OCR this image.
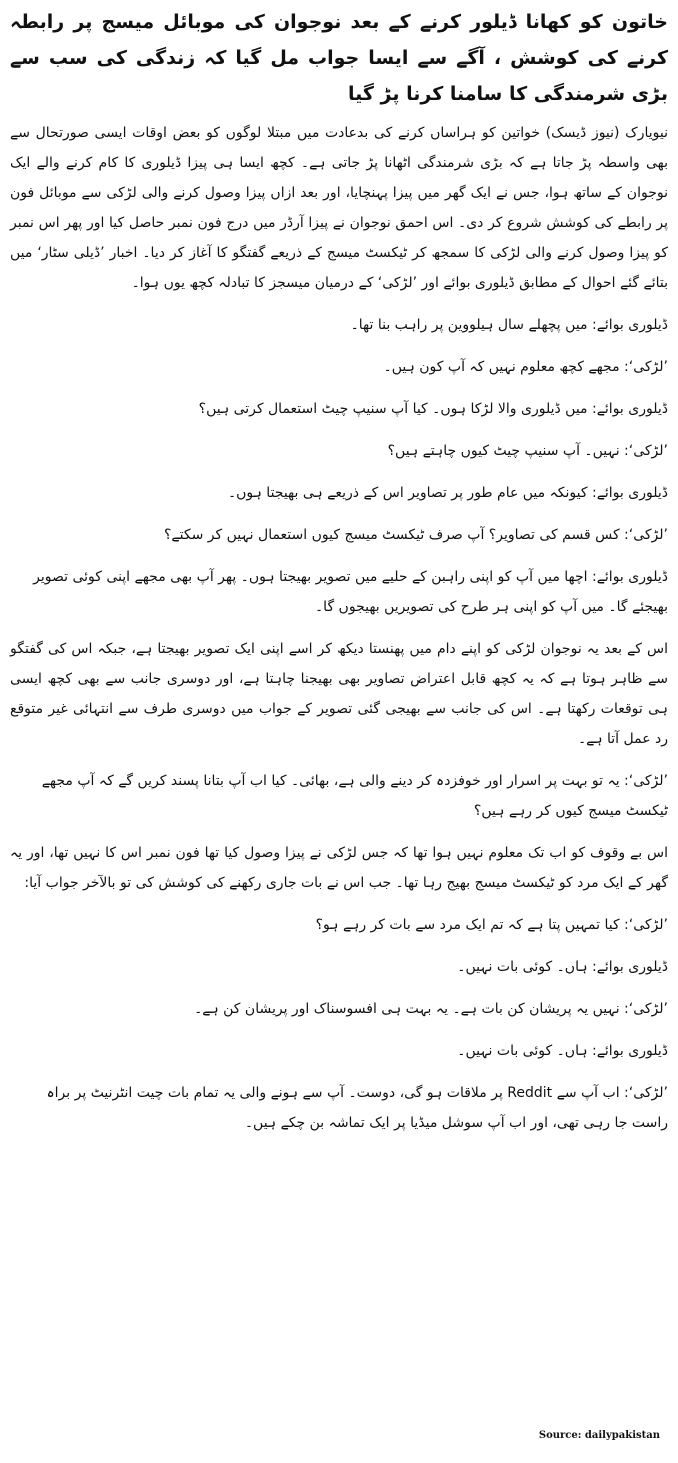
خاتون کو کھانا ڈیلور کرنے کے بعد نوجوان کی موبائل میسج پر رابطہ کرنے کی کوشش ، آگے سے ایسا جواب مل گیا کہ زندگی کی سب سے بڑی شرمندگی کا سامنا کرنا پڑ گیا
نیویارک (نیوز ڈیسک) خواتین کو ہراساں کرنے کی بدعادت میں مبتلا لوگوں کو بعض اوقات ایسی صورتحال سے بھی واسطہ پڑ جاتا ہے کہ بڑی شرمندگی اٹھانا پڑ جاتی ہے۔ کچھ ایسا ہی پیزا ڈیلوری کا کام کرنے والے ایک نوجوان کے ساتھ ہوا، جس نے ایک گھر میں پیزا پہنچایا، اور بعد ازاں پیزا وصول کرنے والی لڑکی سے موبائل فون پر رابطے کی کوشش شروع کر دی۔ اس احمق نوجوان نے پیزا آرڈر میں درج فون نمبر حاصل کیا اور پھر اس نمبر کو پیزا وصول کرنے والی لڑکی کا سمجھ کر ٹیکسٹ میسج کے ذریعے گفتگو کا آغاز کر دیا۔ اخبار ’ڈیلی سٹار‘ میں بتائے گئے احوال کے مطابق ڈیلوری بوائے اور ’لڑکی‘ کے درمیان میسجز کا تبادلہ کچھ یوں ہوا۔
ڈیلوری بوائے: میں پچھلے سال ہیلووین پر راہب بنا تھا۔
’لڑکی‘: مجھے کچھ معلوم نہیں کہ آپ کون ہیں۔
ڈیلوری بوائے: میں ڈیلوری والا لڑکا ہوں۔ کیا آپ سنیپ چیٹ استعمال کرتی ہیں؟
’لڑکی‘: نہیں۔ آپ سنیپ چیٹ کیوں چاہتے ہیں؟
ڈیلوری بوائے: کیونکہ میں عام طور پر تصاویر اس کے ذریعے ہی بھیجتا ہوں۔
’لڑکی‘: کس قسم کی تصاویر؟ آپ صرف ٹیکسٹ میسج کیوں استعمال نہیں کر سکتے؟
ڈیلوری بوائے: اچھا میں آپ کو اپنی راہبن کے حلیے میں تصویر بھیجتا ہوں۔ پھر آپ بھی مجھے اپنی کوئی تصویر بھیجئے گا۔ میں آپ کو اپنی ہر طرح کی تصویریں بھیجوں گا۔
اس کے بعد یہ نوجوان لڑکی کو اپنے دام میں پھنستا دیکھ کر اسے اپنی ایک تصویر بھیجتا ہے، جبکہ اس کی گفتگو سے ظاہر ہوتا ہے کہ یہ کچھ قابل اعتراض تصاویر بھی بھیجنا چاہتا ہے، اور دوسری جانب سے بھی کچھ ایسی ہی توقعات رکھتا ہے۔ اس کی جانب سے بھیجی گئی تصویر کے جواب میں دوسری طرف سے انتہائی غیر متوقع رد عمل آتا ہے۔
’لڑکی‘: یہ تو بہت پر اسرار اور خوفزدہ کر دینے والی ہے، بھائی۔ کیا اب آپ بتانا پسند کریں گے کہ آپ مجھے ٹیکسٹ میسج کیوں کر رہے ہیں؟
اس بے وقوف کو اب تک معلوم نہیں ہوا تھا کہ جس لڑکی نے پیزا وصول کیا تھا فون نمبر اس کا نہیں تھا، اور یہ گھر کے ایک مرد کو ٹیکسٹ میسج بھیج رہا تھا۔ جب اس نے بات جاری رکھنے کی کوشش کی تو بالآخر جواب آیا:
’لڑکی‘: کیا تمہیں پتا ہے کہ تم ایک مرد سے بات کر رہے ہو؟
ڈیلوری بوائے: ہاں۔ کوئی بات نہیں۔
’لڑکی‘: نہیں یہ پریشان کن بات ہے۔ یہ بہت ہی افسوسناک اور پریشان کن ہے۔
ڈیلوری بوائے: ہاں۔ کوئی بات نہیں۔
’لڑکی‘: اب آپ سے Reddit پر ملاقات ہو گی، دوست۔ آپ سے ہونے والی یہ تمام بات چیت انٹرنیٹ پر براہ راست جا رہی تھی، اور اب آپ سوشل میڈیا پر ایک تماشہ بن چکے ہیں۔
Source: dailypakistan
